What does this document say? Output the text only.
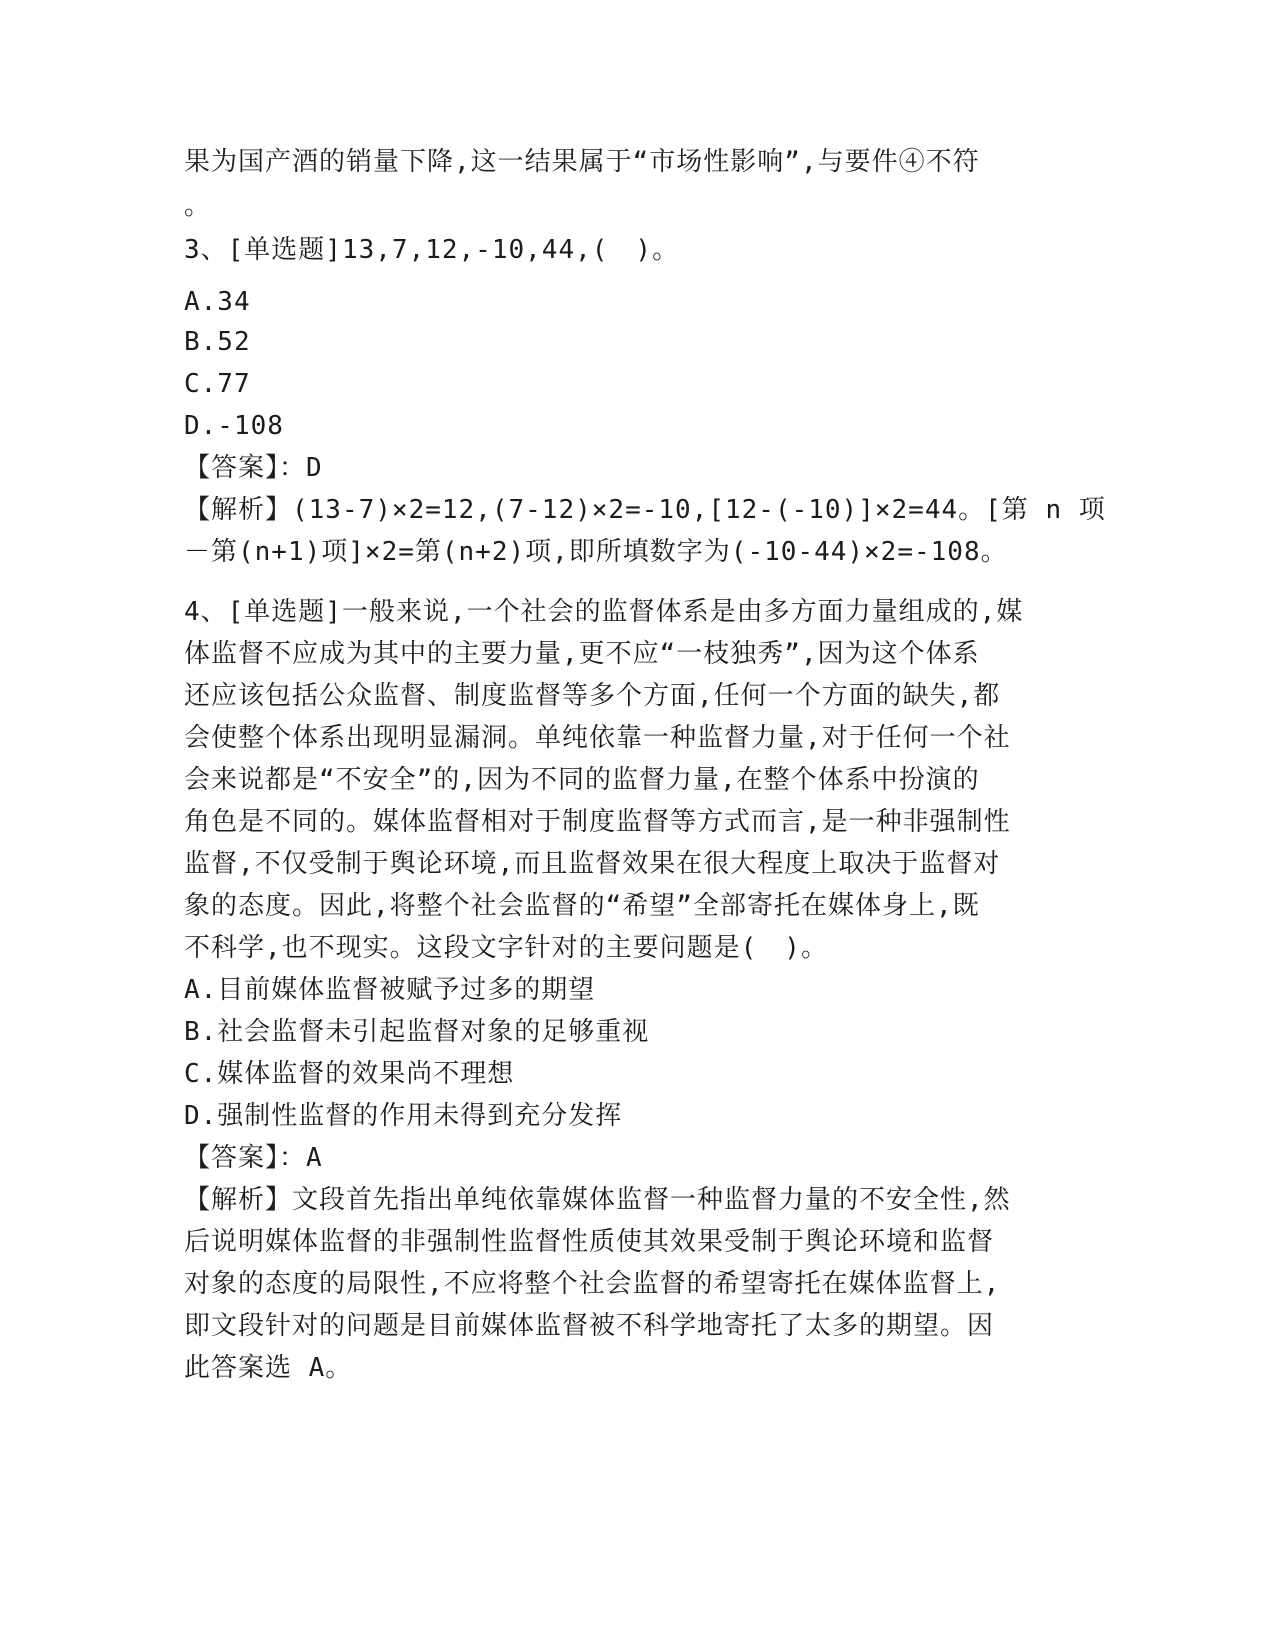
果为国产酒的销量下降,这一结果属于“市场性影响”,与要件④不符
。
3、[单选题]13,7,12,-10,44,(　)。
A.34
B.52
C.77
D.-108
【答案】：D
【解析】(13-7)×2=12,(7-12)×2=-10,[12-(-10)]×2=44。[第 n 项
－第(n+1)项]×2=第(n+2)项,即所填数字为(-10-44)×2=-108。
4、[单选题]一般来说,一个社会的监督体系是由多方面力量组成的,媒
体监督不应成为其中的主要力量,更不应“一枝独秀”,因为这个体系
还应该包括公众监督、制度监督等多个方面,任何一个方面的缺失,都
会使整个体系出现明显漏洞。单纯依靠一种监督力量,对于任何一个社
会来说都是“不安全”的,因为不同的监督力量,在整个体系中扮演的
角色是不同的。媒体监督相对于制度监督等方式而言,是一种非强制性
监督,不仅受制于舆论环境,而且监督效果在很大程度上取决于监督对
象的态度。因此,将整个社会监督的“希望”全部寄托在媒体身上,既
不科学,也不现实。这段文字针对的主要问题是(　)。
A.目前媒体监督被赋予过多的期望
B.社会监督未引起监督对象的足够重视
C.媒体监督的效果尚不理想
D.强制性监督的作用未得到充分发挥
【答案】：A
【解析】文段首先指出单纯依靠媒体监督一种监督力量的不安全性,然
后说明媒体监督的非强制性监督性质使其效果受制于舆论环境和监督
对象的态度的局限性,不应将整个社会监督的希望寄托在媒体监督上,
即文段针对的问题是目前媒体监督被不科学地寄托了太多的期望。因
此答案选 A。
